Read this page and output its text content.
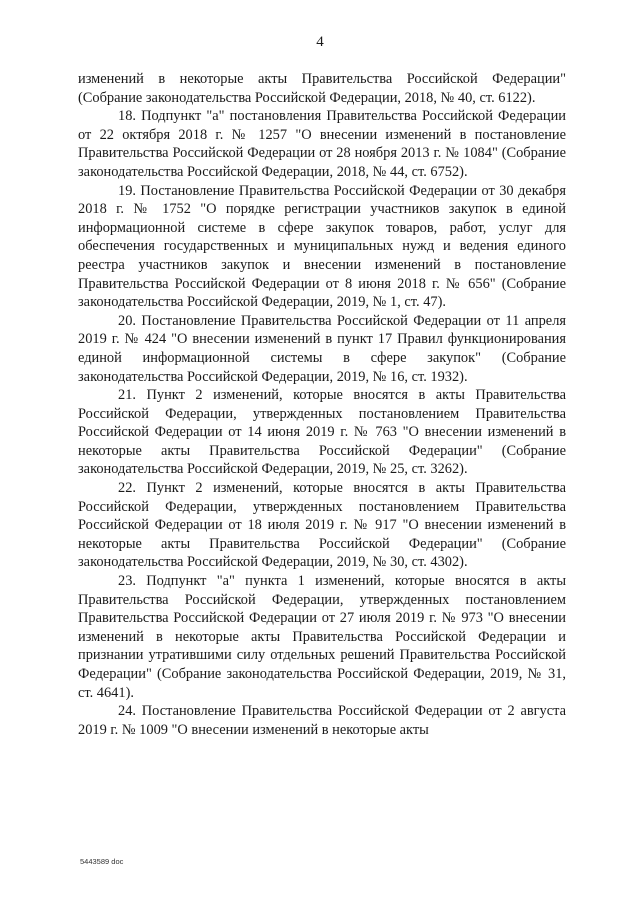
4

изменений в некоторые акты Правительства Российской Федерации" (Собрание законодательства Российской Федерации, 2018, № 40, ст. 6122).

18. Подпункт "а" постановления Правительства Российской Федерации от 22 октября 2018 г. № 1257 "О внесении изменений в постановление Правительства Российской Федерации от 28 ноября 2013 г. № 1084" (Собрание законодательства Российской Федерации, 2018, № 44, ст. 6752).

19. Постановление Правительства Российской Федерации от 30 декабря 2018 г. № 1752 "О порядке регистрации участников закупок в единой информационной системе в сфере закупок товаров, работ, услуг для обеспечения государственных и муниципальных нужд и ведения единого реестра участников закупок и внесении изменений в постановление Правительства Российской Федерации от 8 июня 2018 г. № 656" (Собрание законодательства Российской Федерации, 2019, № 1, ст. 47).

20. Постановление Правительства Российской Федерации от 11 апреля 2019 г. № 424 "О внесении изменений в пункт 17 Правил функционирования единой информационной системы в сфере закупок" (Собрание законодательства Российской Федерации, 2019, № 16, ст. 1932).

21. Пункт 2 изменений, которые вносятся в акты Правительства Российской Федерации, утвержденных постановлением Правительства Российской Федерации от 14 июня 2019 г. № 763 "О внесении изменений в некоторые акты Правительства Российской Федерации" (Собрание законодательства Российской Федерации, 2019, № 25, ст. 3262).

22. Пункт 2 изменений, которые вносятся в акты Правительства Российской Федерации, утвержденных постановлением Правительства Российской Федерации от 18 июля 2019 г. № 917 "О внесении изменений в некоторые акты Правительства Российской Федерации" (Собрание законодательства Российской Федерации, 2019, № 30, ст. 4302).

23. Подпункт "а" пункта 1 изменений, которые вносятся в акты Правительства Российской Федерации, утвержденных постановлением Правительства Российской Федерации от 27 июля 2019 г. № 973 "О внесении изменений в некоторые акты Правительства Российской Федерации и признании утратившими силу отдельных решений Правительства Российской Федерации" (Собрание законодательства Российской Федерации, 2019, № 31, ст. 4641).

24. Постановление Правительства Российской Федерации от 2 августа 2019 г. № 1009 "О внесении изменений в некоторые акты

5443589 doc
